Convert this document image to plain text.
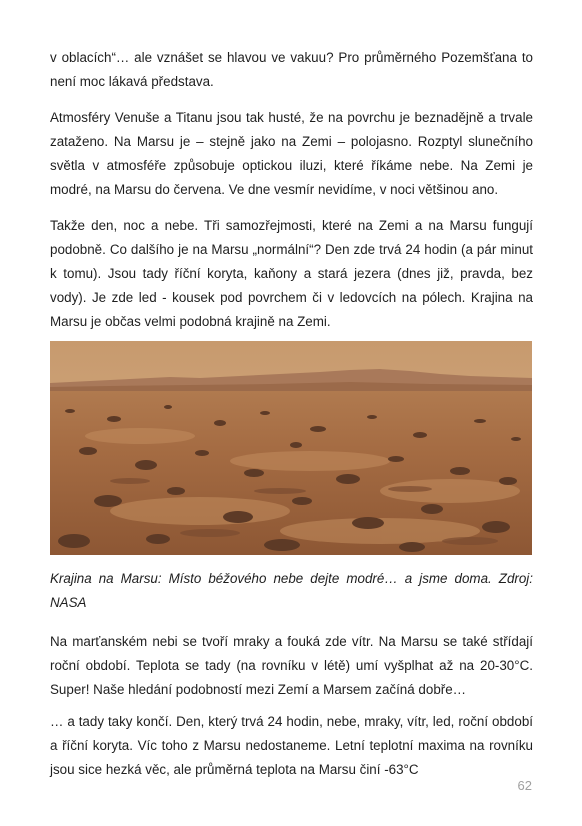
v oblacích“… ale vznášet se hlavou ve vakuu? Pro průměrného Pozemšťana to není moc lákavá představa.

Atmosféry Venuše a Titanu jsou tak husté, že na povrchu je beznadějně a trvale zataženo. Na Marsu je – stejně jako na Zemi – polojasno. Rozptyl slunečního světla v atmosféře způsobuje optickou iluzi, které říkáme nebe. Na Zemi je modré, na Marsu do červena. Ve dne vesmír nevidíme, v noci většinou ano.

Takže den, noc a nebe. Tři samozřejmosti, které na Zemi a na Marsu fungují podobně. Co dalšího je na Marsu „normální“? Den zde trvá 24 hodin (a pár minut k tomu). Jsou tady říční koryta, kaňony a stará jezera (dnes již, pravda, bez vody). Je zde led - kousek pod povrchem či v ledovcích na pólech. Krajina na Marsu je občas velmi podobná krajině na Zemi.

Krajina na Marsu: Místo béžového nebe dejte modré… a jsme doma. Zdroj: NASA

Na marťanském nebi se tvoří mraky a fouká zde vítr. Na Marsu se také střídají roční období. Teplota se tady (na rovníku v létě) umí vyšplhat až na 20-30°C. Super! Naše hledání podobností mezi Zemí a Marsem začíná dobře…

… a tady taky končí. Den, který trvá 24 hodin, nebe, mraky, vítr, led, roční období a říční koryta. Víc toho z Marsu nedostaneme. Letní teplotní maxima na rovníku jsou sice hezká věc, ale průměrná teplota na Marsu činí -63°C

62
